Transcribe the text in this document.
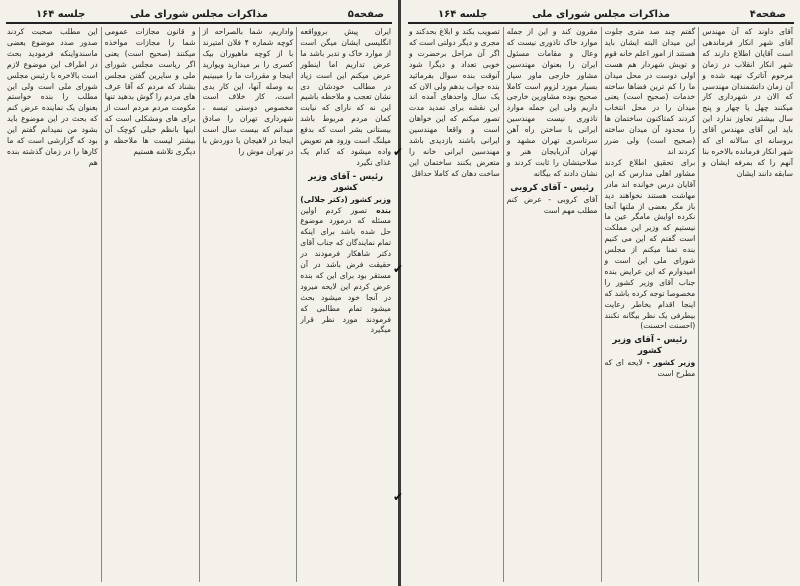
صفحه۴
مذاکرات مجلس شورای ملی
جلسه ۱۶۴

آقای داوند که آن مهندس آقای شهر انکار فرماندهی است آقایان اطلاع دارند که شهر انکار انقلاب در زمان مرحوم آتاترک تهیه شده و آن زمان دانشمندان مهندسی که الان در شهرداری کار میکنند چهل یا چهار و پنج سال بیشتر تجاوز ندارد این باید این آقای مهندس آقای بروسانه ای سالانه ای که شهر انکار فرمانده بالاخره بنا آنهم را که بمرفه ایشان و سابقه دانند ایشان

گفتم چند صد متری جلوت این میدان البته ایشان باید هستند از امور اعلم خانه قوم و تویش شهردار هم هست اولی دوست در محل میدان ما را کم ترین فضاها ساخته خدمات (صحیح است) یعنی میدان را در محل انتخاب کردند کمتاکنون ساختمان ها را محدود آن میدان ساخته (صحیح است) ولی ضرر کردند اند

برای تحقیق اطلاع کردند مشاور اهلی مدارس که این آقایان درس خوانده اند مادر مهاشت هستند نخواهند دید باز مگر بعضی از ملتها آنجا نکرده اوایش مامگر عین ما نیستیم که وزیر این مملکت است گفتم که این می کنیم بنده تمنا میکنم از مجلس شورای ملی این است و امیدوارم که این عرایض بنده جناب آقای وزیر کشور را مخصوصا توجه کرده باشد که اینجا اقدام بخاطر رعایت بیطرفی یک نظر بیگانه نکنند (احسنت احسنت)

رئیس - آقای وزیر کشور

وزیر کشور - لایحه ای که مطرح است

مقرون کند و این از جمله موارد خاک تاذوری نیست که وعال و مقامات مسئول ایران را بعنوان مهندسین مشاور خارجی ماور سیار بسیار مورد لزوم است کاملا صحیح بوده مشاورین خارجی داریم ولی این جمله موارد تاذوری نیست مهندسین ایرانی با ساختن راه آهن سرتاسری تهران مشهد و تهران آذربایجان هنر و صلاحیتشان را ثابت کردند و نشان دادند که بیگانه

رئیس - آقای کروبی

آقای کروبی - عرض کنم مطلب مهم است

تصویب بکند و ابلاغ بحدکند و مجری و دیگر دولتی است که اگر آن مراحل برحضرت و خوبی تعداد و دیگرا شود آنوقت بنده سوال بفرمائید بنده جواب بدهم ولی الان که یک سال واحدهای آمده اند این نقشه برای تمدید مدت تصور میکنم که این خواهان است و واقعا مهندسین ایرانی باشند بازدیدی باشد مهندسین ایرانی خانه را متعرض بکنند ساختمان این ساخت دهان که کاملا حداقل

صفحه۵
مذاکرات مجلس شورای ملی
جلسه ۱۶۴

ایران پیش بروواقعه انگلیسی ایشان میگن است از موارد خاک و تدبر باشد ما عرض تداریم اما اینطور عرض میکنم این است زیاد در مطالب خودشان دی نشان تعجب و ملاحظه باشیم این نه که نارای که نیابت کمان مردم مربوط باشد بیستانی بشر است که بدفع میلنگ است وزود هم تعویض واده میشود که کدام یک غذای نگیرد

رئیس - آقای وزیر کشور

وزیر کشور (دکتر جلالی) بنده تصور کردم اولین مسئله که درمورد موضوع حل شده باشد برای اینکه تمام نمایندگان که جناب آقای دکتر شاهکار فرمودند در حقیقت فرض باشد در آن مستقر بود برای این که بنده عرض کردم این لایحه میرود در آنجا خود میشود بحث میشود تمام مطالبی که فرمودند مورد نظر قرار میگیرد

واداریم، شما بالصراحه از کوچه شماره ۴ فلان امتیرند با از کوچه ماهیوران بیک کسری را بر میدارید ویوارید اینجا و مقررات ما را میبینیم به وصله آنها، این کار بدی است، کار خلاف است مخصوص دوستی تیسه ، شهرداری تهران را صادق میدانم که بیست سال است اینجا در لاهیجان یا دوردش با در تهران موش را

و قانون مجازات عمومی شما را مجازات مواخذه میکنند (صحیح است) یعنی اگر ریاست مجلس شورای ملی و سایرین گفتن مجلس بشناد که مردم که آقا عرف های مردم را گوش بدهید تنها مکومت مردم مردم است از برای های ومشکلی است که اینها بانظم خیلی کوچک آن بیشتر لیست ها ملاحظه و دیگری تلاشه هستیم

این مطلب صحبت کردند صدور صدد موضوع بعضی ماسندواینکه فرمودید بحث در اطراف این موضوع لازم است بالاخره با رئیس مجلس شورای ملی است ولی این مطلب را بنده خواستم بعنوان یک نماینده عرض کنم که بحث در این موضوع باید بشود من نمیدانم گفتم این بود که گزارشی است که ما کارها را در زمان گذشته بنده هم

✔
✔
✔
